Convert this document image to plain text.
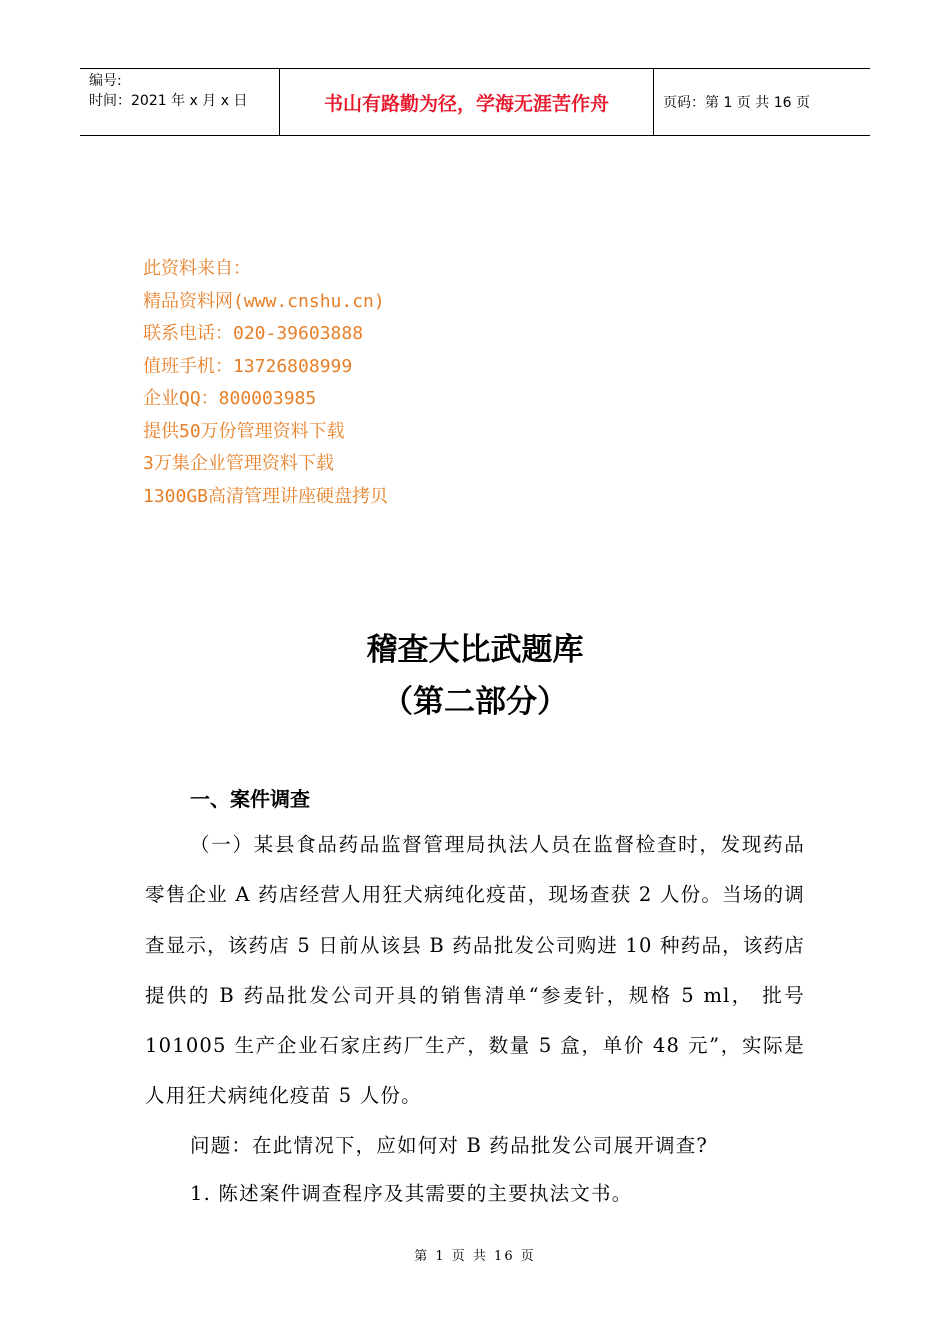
编号:
时间：2021 年 x 月 x 日	书山有路勤为径，学海无涯苦作舟	页码：第 1 页 共 16 页
此资料来自：
精品资料网(www.cnshu.cn)
联系电话：020-39603888
值班手机：13726808999
企业QQ：800003985
提供50万份管理资料下载
3万集企业管理资料下载
1300GB高清管理讲座硬盘拷贝
稽查大比武题库
（第二部分）
一、案件调查
（一）某县食品药品监督管理局执法人员在监督检查时，发现药品零售企业 A 药店经营人用狂犬病纯化疫苗，现场查获 2 人份。当场的调查显示，该药店 5 日前从该县 B 药品批发公司购进 10 种药品，该药店提供的 B 药品批发公司开具的销售清单“参麦针，规格 5 ml， 批号 101005 生产企业石家庄药厂生产，数量 5 盒，单价 48 元”，实际是人用狂犬病纯化疫苗 5 人份。
问题：在此情况下，应如何对 B 药品批发公司展开调查?
1. 陈述案件调查程序及其需要的主要执法文书。
第 1 页 共 16 页
